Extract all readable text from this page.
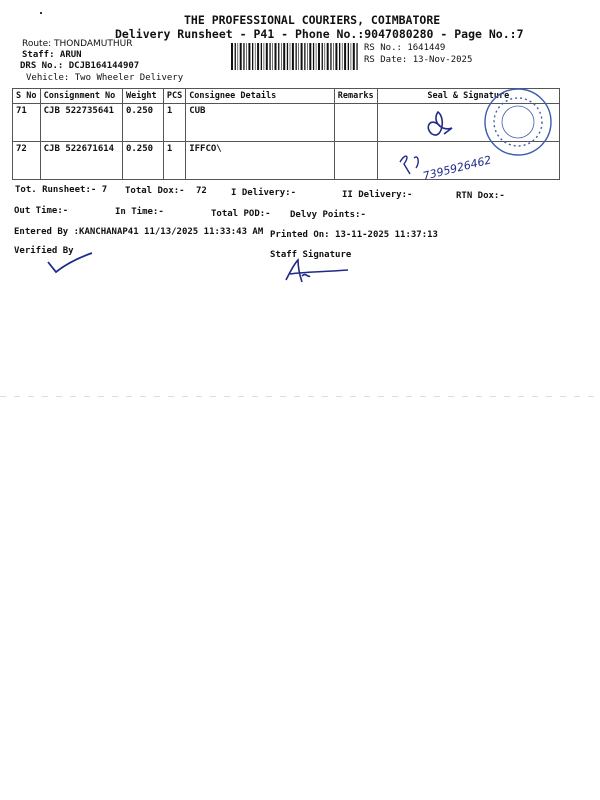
THE PROFESSIONAL COURIERS, COIMBATORE
Delivery Runsheet - P41 - Phone No.:9047080280 - Page No.:7
Route: THONDAMUTHUR
Staff: ARUN
DRS No.: DCJB164144907
Vehicle: Two Wheeler Delivery
RS No.: 1641449
RS Date: 13-Nov-2025
S No	Consignment No	Weight	PCS	Consignee Details	Remarks	Seal & Signature
71	CJB 522735641	0.250	1	CUB		
72	CJB 522671614	0.250	1	IFFCO\		
7395926462
Tot. Runsheet:- 7 Total Dox:- 72	I Delivery:-	II Delivery:-	RTN Dox:-
Out Time:-	In Time:-	Total POD:- Delvy Points:-
Entered By :KANCHANAP41 11/13/2025 11:33:43 AM Printed On: 13-11-2025 11:37:13
Verified By	Staff Signature
